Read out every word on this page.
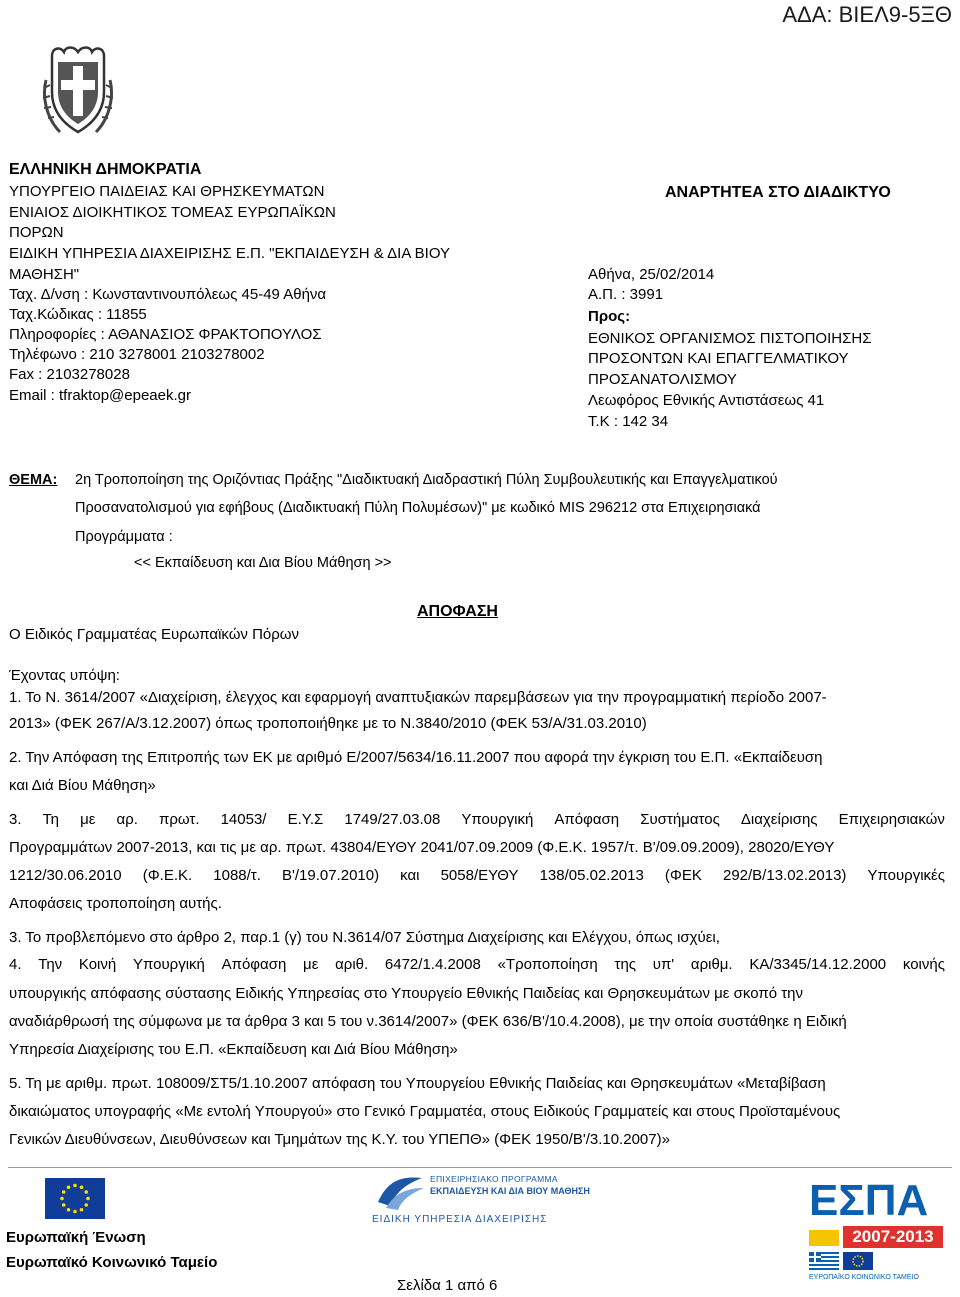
ΑΔΑ: ΒΙΕΛ9-5ΞΘ
ΕΛΛΗΝΙΚΗ ΔΗΜΟΚΡΑΤΙΑ
ΥΠΟΥΡΓΕΙΟ ΠΑΙΔΕΙΑΣ ΚΑΙ ΘΡΗΣΚΕΥΜΑΤΩΝ
ΕΝΙΑΙΟΣ ΔΙΟΙΚΗΤΙΚΟΣ ΤΟΜΕΑΣ ΕΥΡΩΠΑΪΚΩΝ
ΠΟΡΩΝ
ΕΙΔΙΚΗ ΥΠΗΡΕΣΙΑ ΔΙΑΧΕΙΡΙΣΗΣ Ε.Π. "ΕΚΠΑΙΔΕΥΣΗ & ΔΙΑ ΒΙΟΥ
ΜΑΘΗΣΗ"
Ταχ. Δ/νση : Κωνσταντινουπόλεως 45-49 Αθήνα
Ταχ.Κώδικας : 11855
Πληροφορίες : ΑΘΑΝΑΣΙΟΣ ΦΡΑΚΤΟΠΟΥΛΟΣ
Τηλέφωνο : 210 3278001 2103278002
Fax : 2103278028
Email : tfraktop@epeaek.gr
ΑΝΑΡΤΗΤΕΑ ΣΤΟ ΔΙΑΔΙΚΤΥΟ
Αθήνα, 25/02/2014
Α.Π. : 3991
Προς:
ΕΘΝΙΚΟΣ ΟΡΓΑΝΙΣΜΟΣ ΠΙΣΤΟΠΟΙΗΣΗΣ
ΠΡΟΣΟΝΤΩΝ ΚΑΙ ΕΠΑΓΓΕΛΜΑΤΙΚΟΥ
ΠΡΟΣΑΝΑΤΟΛΙΣΜΟΥ
Λεωφόρος Εθνικής Αντιστάσεως 41
Τ.Κ : 142 34
ΘΕΜΑ: 2η Τροποποίηση της Οριζόντιας Πράξης "Διαδικτυακή Διαδραστική Πύλη Συμβουλευτικής και Επαγγελματικού
Προσανατολισμού για εφήβους (Διαδικτυακή Πύλη Πολυμέσων)" με κωδικό MIS 296212 στα Επιχειρησιακά
Προγράμματα :
<< Εκπαίδευση και Δια Βίου Μάθηση >>
ΑΠΟΦΑΣΗ
Ο Ειδικός Γραμματέας Ευρωπαϊκών Πόρων
Έχοντας υπόψη:
1. Το Ν. 3614/2007 «Διαχείριση, έλεγχος και εφαρμογή αναπτυξιακών παρεμβάσεων για την προγραμματική περίοδο 2007-
2013» (ΦΕΚ 267/Α/3.12.2007) όπως τροποποιήθηκε με το Ν.3840/2010 (ΦΕΚ 53/Α/31.03.2010)
2. Την Απόφαση της Επιτροπής των ΕΚ με αριθμό Ε/2007/5634/16.11.2007 που αφορά την έγκριση του Ε.Π. «Εκπαίδευση
και Διά Βίου Μάθηση»
3. Τη με αρ. πρωτ. 14053/ Ε.Υ.Σ 1749/27.03.08 Υπουργική Απόφαση Συστήματος Διαχείρισης Επιχειρησιακών
Προγραμμάτων 2007-2013, και τις με αρ. πρωτ. 43804/ΕΥΘΥ 2041/07.09.2009 (Φ.Ε.Κ. 1957/τ. Β'/09.09.2009), 28020/ΕΥΘΥ
1212/30.06.2010 (Φ.Ε.Κ. 1088/τ. Β'/19.07.2010) και 5058/ΕΥΘΥ 138/05.02.2013 (ΦΕΚ 292/Β/13.02.2013) Υπουργικές
Αποφάσεις τροποποίηση αυτής.
3. Το προβλεπόμενο στο άρθρο 2, παρ.1 (γ) του Ν.3614/07 Σύστημα Διαχείρισης και Ελέγχου, όπως ισχύει,
4. Την Κοινή Υπουργική Απόφαση με αριθ. 6472/1.4.2008 «Τροποποίηση της υπ' αριθμ. ΚΑ/3345/14.12.2000 κοινής
υπουργικής απόφασης σύστασης Ειδικής Υπηρεσίας στο Υπουργείο Εθνικής Παιδείας και Θρησκευμάτων με σκοπό την
αναδιάρθρωσή της σύμφωνα με τα άρθρα 3 και 5 του ν.3614/2007» (ΦΕΚ 636/Β'/10.4.2008), με την οποία συστάθηκε η Ειδική
Υπηρεσία Διαχείρισης του Ε.Π. «Εκπαίδευση και Διά Βίου Μάθηση»
5. Τη με αριθμ. πρωτ. 108009/ΣΤ5/1.10.2007 απόφαση του Υπουργείου Εθνικής Παιδείας και Θρησκευμάτων «Μεταβίβαση
δικαιώματος υπογραφής «Με εντολή Υπουργού» στο Γενικό Γραμματέα, στους Ειδικούς Γραμματείς και στους Προϊσταμένους
Γενικών Διευθύνσεων, Διευθύνσεων και Τμημάτων της Κ.Υ. του ΥΠΕΠΘ» (ΦΕΚ 1950/Β'/3.10.2007)»
Ευρωπαϊκή Ένωση
Ευρωπαϊκό Κοινωνικό Ταμείο
ΕΠΙΧΕΙΡΗΣΙΑΚΟ ΠΡΟΓΡΑΜΜΑ
ΕΚΠΑΙΔΕΥΣΗ ΚΑΙ ΔΙΑ ΒΙΟΥ ΜΑΘΗΣΗ
ΕΙΔΙΚΗ ΥΠΗΡΕΣΙΑ ΔΙΑΧΕΙΡΙΣΗΣ
Σελίδα 1 από 6
ΕΣΠΑ
2007-2013
ΕΥΡΩΠΑΪΚΟ ΚΟΙΝΩΝΙΚΟ ΤΑΜΕΙΟ
